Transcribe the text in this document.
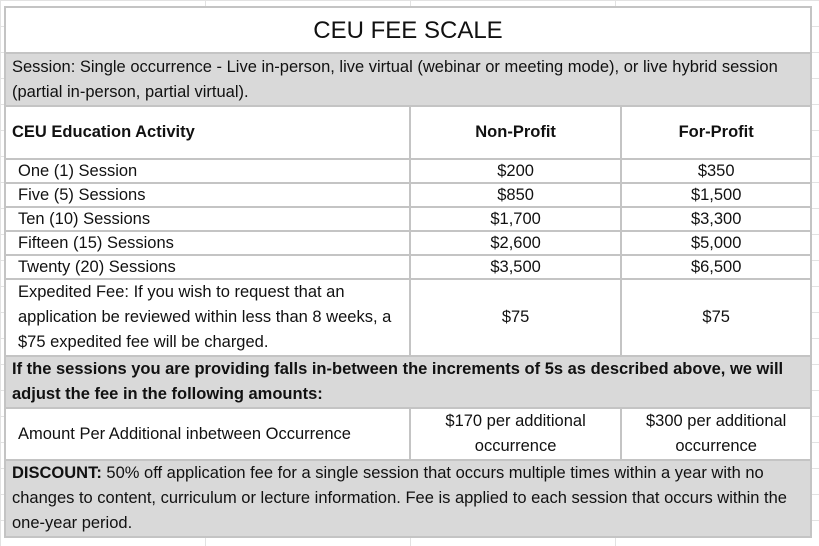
CEU FEE SCALE		
Session: Single occurrence - Live in-person, live virtual (webinar or meeting mode), or live hybrid session (partial in-person, partial virtual).		
CEU Education Activity	Non-Profit	For-Profit
One (1) Session	$200	$350
Five (5) Sessions	$850	$1,500
Ten (10) Sessions	$1,700	$3,300
Fifteen (15) Sessions	$2,600	$5,000
Twenty (20) Sessions	$3,500	$6,500
Expedited Fee: If you wish to request that an application be reviewed within less than 8 weeks, a $75 expedited fee will be charged.	$75	$75
If the sessions you are providing falls in-between the increments of 5s as described above, we will adjust the fee in the following amounts:		
Amount Per Additional inbetween Occurrence	$170 per additional occurrence	$300 per additional occurrence
DISCOUNT: 50% off application fee for a single session that occurs multiple times within a year with no changes to content, curriculum or lecture information. Fee is applied to each session that occurs within the one-year period.		
